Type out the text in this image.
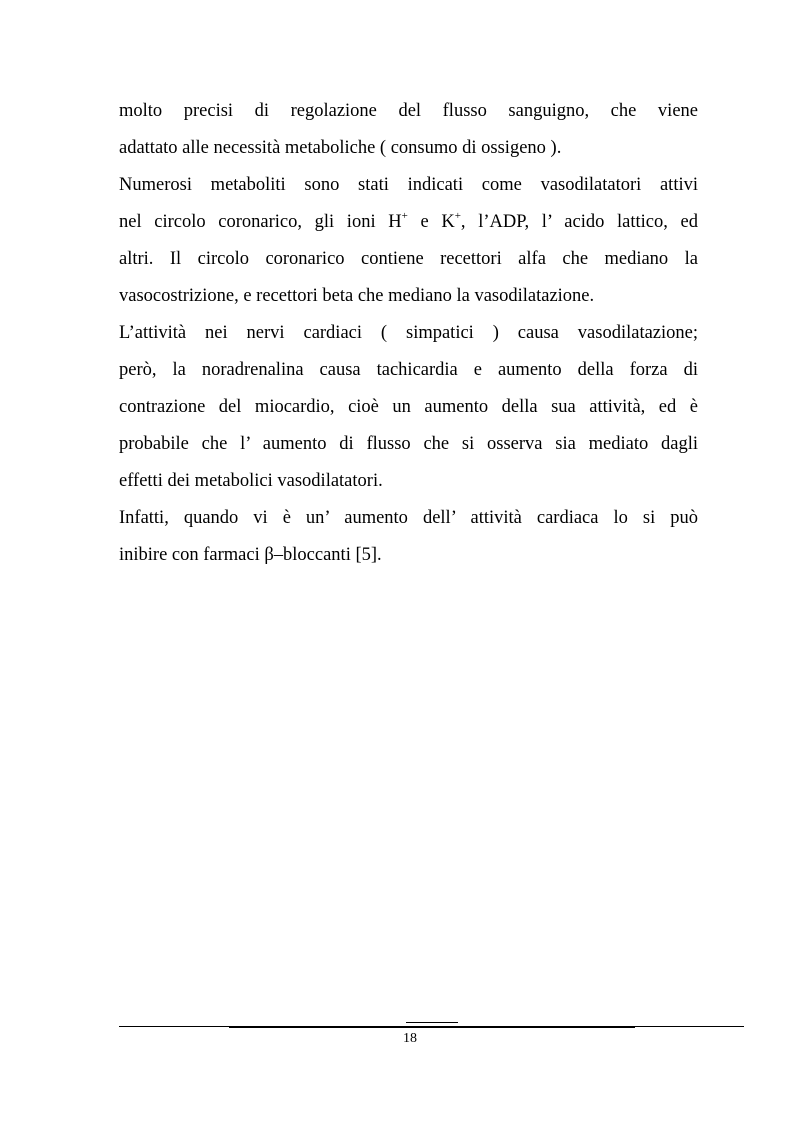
molto precisi di regolazione del flusso sanguigno, che viene
adattato alle necessità metaboliche ( consumo di ossigeno ).
Numerosi metaboliti sono stati indicati come vasodilatatori attivi
nel circolo coronarico, gli ioni H+ e K+, l’ADP, l’ acido lattico, ed
altri. Il circolo coronarico contiene recettori alfa che mediano la
vasocostrizione, e recettori beta che mediano la vasodilatazione.
L’attività nei nervi cardiaci ( simpatici ) causa vasodilatazione;
però, la noradrenalina causa tachicardia e aumento della forza di
contrazione del miocardio, cioè un aumento della sua attività, ed è
probabile che l’ aumento di flusso che si osserva sia mediato dagli
effetti dei metabolici vasodilatatori.
Infatti, quando vi è un’ aumento dell’ attività cardiaca lo si può
inibire con farmaci β–bloccanti [5].
18
